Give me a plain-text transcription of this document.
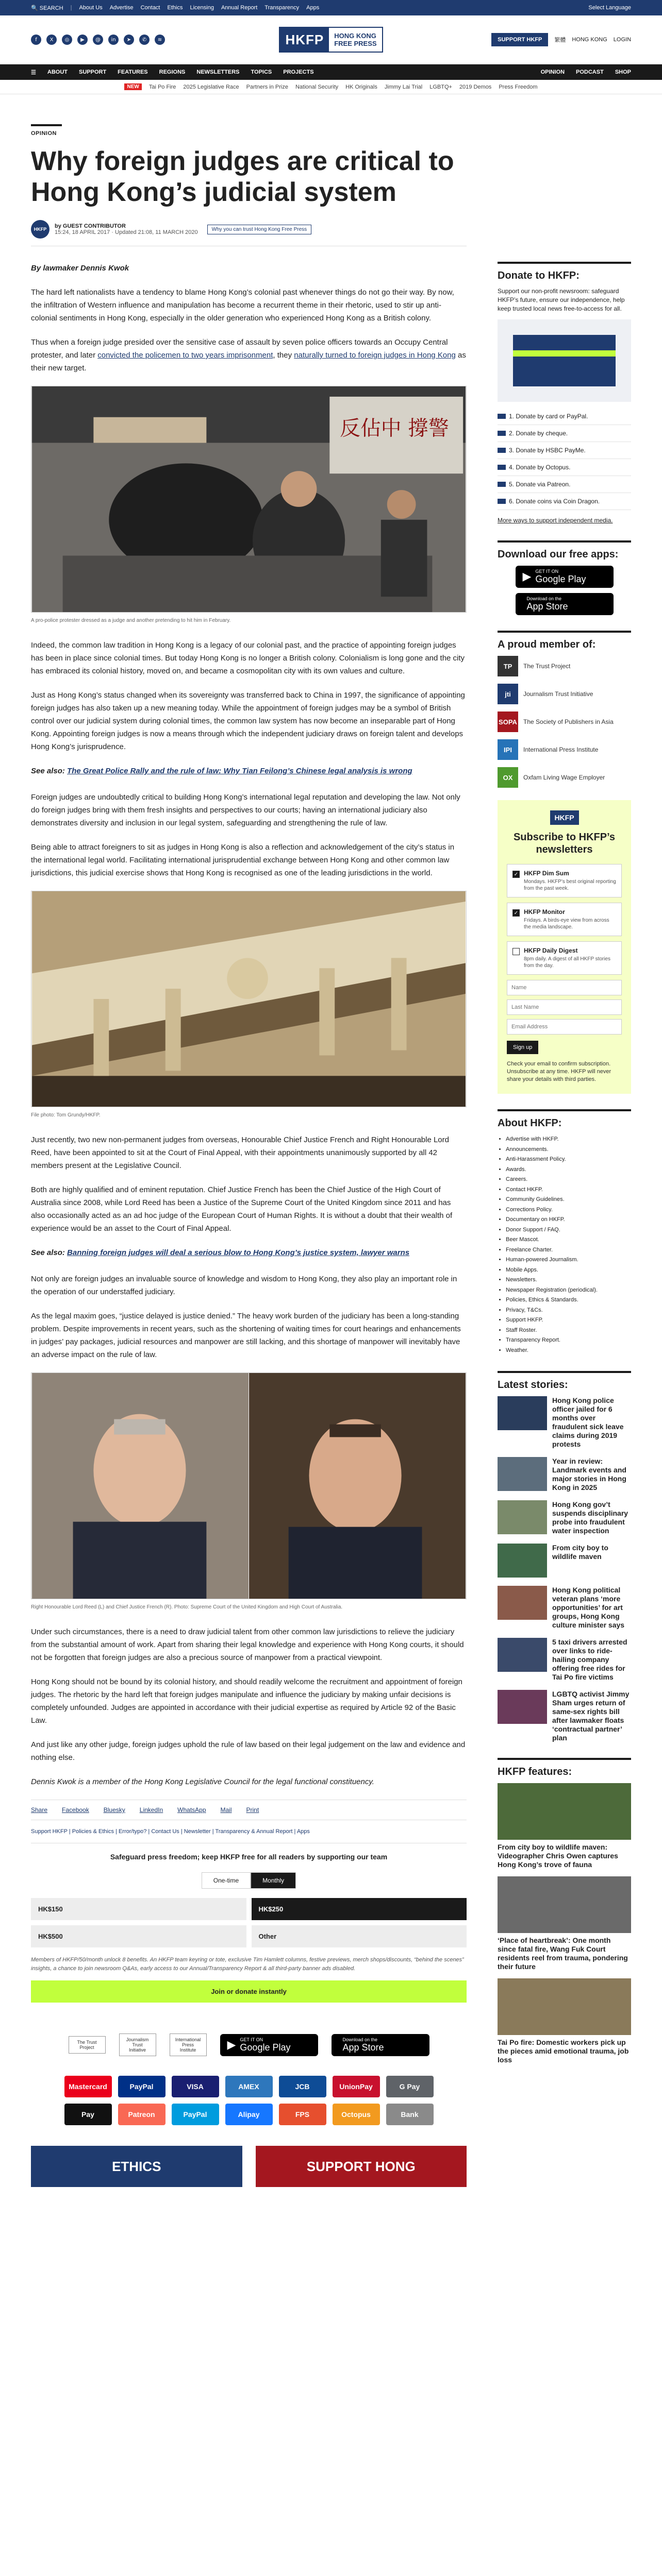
🔍 SEARCH | About Us Advertise Contact Ethics Licensing Annual Report Transparency Apps	Select Language
f	X	◎	▶	@	in	➤	✆	≋	HKFP	HONG KONG
FREE PRESS	SUPPORT HKFP	繁體 HONG KONG LOGIN
☰ ABOUT SUPPORT FEATURES REGIONS NEWSLETTERS TOPICS PROJECTS	OPINION PODCAST SHOP
NEW	Tai Po Fire 2025 Legislative Race Partners in Prize National Security HK Originals Jimmy Lai Trial LGBTQ+ 2019 Demos Press Freedom
OPINION
Why foreign judges are critical to Hong Kong’s judicial system
HKFP	by GUEST CONTRIBUTOR
15:24, 18 APRIL 2017 · Updated 21:08, 11 MARCH 2020	Why you can trust Hong Kong Free Press

By lawmaker Dennis Kwok

The hard left nationalists have a tendency to blame Hong Kong’s colonial past whenever things do not go their way. By now, the infiltration of Western influence and manipulation has become a recurrent theme in their rhetoric, used to stir up anti-colonial sentiments in Hong Kong, especially in the older generation who experienced Hong Kong as a British colony.

Thus when a foreign judge presided over the sensitive case of assault by seven police officers towards an Occupy Central protester, and later convicted the policemen to two years imprisonment, they naturally turned to foreign judges in Hong Kong as their new target.

反佔中 撐警
A pro-police protester dressed as a judge and another pretending to hit him in February.

Indeed, the common law tradition in Hong Kong is a legacy of our colonial past, and the practice of appointing foreign judges has been in place since colonial times. But today Hong Kong is no longer a British colony. Colonialism is long gone and the city has embraced its colonial history, moved on, and became a cosmopolitan city with its own values and culture.

Just as Hong Kong’s status changed when its sovereignty was transferred back to China in 1997, the significance of appointing foreign judges has also taken up a new meaning today. While the appointment of foreign judges may be a symbol of British control over our judicial system during colonial times, the common law system has now become an inseparable part of Hong Kong. Appointing foreign judges is now a means through which the independent judiciary draws on foreign talent and develops Hong Kong’s jurisprudence.

See also: The Great Police Rally and the rule of law: Why Tian Feilong’s Chinese legal analysis is wrong

Foreign judges are undoubtedly critical to building Hong Kong’s international legal reputation and developing the law. Not only do foreign judges bring with them fresh insights and perspectives to our courts; having an international judiciary also demonstrates diversity and inclusion in our legal system, safeguarding and strengthening the rule of law.

Being able to attract foreigners to sit as judges in Hong Kong is also a reflection and acknowledgement of the city’s status in the international legal world. Facilitating international jurisprudential exchange between Hong Kong and other common law jurisdictions, this judicial exercise shows that Hong Kong is recognised as one of the leading jurisdictions in the world.

File photo: Tom Grundy/HKFP.

Just recently, two new non-permanent judges from overseas, Honourable Chief Justice French and Right Honourable Lord Reed, have been appointed to sit at the Court of Final Appeal, with their appointments unanimously supported by all 42 members present at the Legislative Council.

Both are highly qualified and of eminent reputation. Chief Justice French has been the Chief Justice of the High Court of Australia since 2008, while Lord Reed has been a Justice of the Supreme Court of the United Kingdom since 2011 and has also occasionally acted as an ad hoc judge of the European Court of Human Rights. It is without a doubt that their wealth of experience would be an asset to the Court of Final Appeal.

See also: Banning foreign judges will deal a serious blow to Hong Kong’s justice system, lawyer warns

Not only are foreign judges an invaluable source of knowledge and wisdom to Hong Kong, they also play an important role in the operation of our understaffed judiciary.

As the legal maxim goes, “justice delayed is justice denied.” The heavy work burden of the judiciary has been a long-standing problem. Despite improvements in recent years, such as the shortening of waiting times for court hearings and enhancements in judges’ pay packages, judicial resources and manpower are still lacking, and this shortage of manpower will inevitably have an adverse impact on the rule of law.

Right Honourable Lord Reed (L) and Chief Justice French (R). Photo: Supreme Court of the United Kingdom and High Court of Australia.

Under such circumstances, there is a need to draw judicial talent from other common law jurisdictions to relieve the judiciary from the substantial amount of work. Apart from sharing their legal knowledge and experience with Hong Kong courts, it should not be forgotten that foreign judges are also a precious source of manpower from a practical viewpoint.

Hong Kong should not be bound by its colonial history, and should readily welcome the recruitment and appointment of foreign judges. The rhetoric by the hard left that foreign judges manipulate and influence the judiciary by making unfair decisions is completely unfounded. Judges are appointed in accordance with their judicial expertise as required by Article 92 of the Basic Law.

And just like any other judge, foreign judges uphold the rule of law based on their legal judgement on the law and evidence and nothing else.

Dennis Kwok is a member of the Hong Kong Legislative Council for the legal functional constituency.

Share Facebook Bluesky LinkedIn WhatsApp Mail Print
Support HKFP | Policies & Ethics | Error/typo? | Contact Us | Newsletter | Transparency & Annual Report | Apps
Safeguard press freedom; keep HKFP free for all readers by supporting our team
One-time	Monthly
HK$150	HK$250
HK$500	Other
Members of HKFP/50/month unlock 8 benefits. An HKFP team keyring or tote, exclusive Tim Hamlett columns, festive previews, merch shops/discounts, “behind the scenes” insights, a chance to join newsroom Q&As, early access to our Annual/Transparency Report & all third-party banner ads disabled.
Join or donate instantly
The Trust Project
Journalism Trust Initiative
International Press Institute	▶ GET IT ON
Google Play
Download on the
App Store
Mastercard	PayPal	VISA	AMEX	JCB	UnionPay	G Pay
Pay	Patreon	PayPal	Alipay	FPS	Octopus	Bank
ETHICS	SUPPORT HONG
Donate to HKFP:

Support our non-profit newsroom: safeguard HKFP’s future, ensure our independence, help keep trusted local news free-to-access for all.

1. Donate by card or PayPal.
2. Donate by cheque.
3. Donate by HSBC PayMe.
4. Donate by Octopus.
5. Donate via Patreon.
6. Donate coins via Coin Dragon.

More ways to support independent media.

Download our free apps:
▶ GET IT ON
Google Play
Download on the
App Store
A proud member of:
TP	The Trust Project
jti	Journalism Trust Initiative
SOPA The Society of Publishers in Asia
IPI	International Press Institute
OX	Oxfam Living Wage Employer
HKFP
Subscribe to HKFP’s newsletters
✓ HKFP Dim Sum

Mondays. HKFP’s best original reporting from the past week.

✓ HKFP Monitor

Fridays. A birds-eye view from across the media landscape.

HKFP Daily Digest

8pm daily. A digest of all HKFP stories from the day.

Name Last Name Email Address Sign up

Check your email to confirm subscription. Unsubscribe at any time. HKFP will never share your details with third parties.

About HKFP:
• Advertise with HKFP.
• Announcements.
• Anti-Harassment Policy.
• Awards.
• Careers.
• Contact HKFP.
• Community Guidelines.
• Corrections Policy.
• Documentary on HKFP.
• Donor Support / FAQ.
• Beer Mascot.
• Freelance Charter.
• Human-powered Journalism.
• Mobile Apps.
• Newsletters.
• Newspaper Registration (periodical).
• Policies, Ethics & Standards.
• Privacy, T&Cs.
• Support HKFP.
• Staff Roster.
• Transparency Report.
• Weather.
Latest stories:
Hong Kong police officer jailed for 6 months over fraudulent sick leave claims during 2019 protests
Year in review: Landmark events and major stories in Hong Kong in 2025
Hong Kong gov’t suspends disciplinary probe into fraudulent water inspection
From city boy to wildlife maven
Hong Kong political veteran plans ‘more opportunities’ for art groups, Hong Kong culture minister says
5 taxi drivers arrested over links to ride-hailing company offering free rides for Tai Po fire victims
LGBTQ activist Jimmy Sham urges return of same-sex rights bill after lawmaker floats ‘contractual partner’ plan
HKFP features:
From city boy to wildlife maven: Videographer Chris Owen captures Hong Kong’s trove of fauna
‘Place of heartbreak’: One month since fatal fire, Wang Fuk Court residents reel from trauma, pondering their future
Tai Po fire: Domestic workers pick up the pieces amid emotional trauma, job loss
